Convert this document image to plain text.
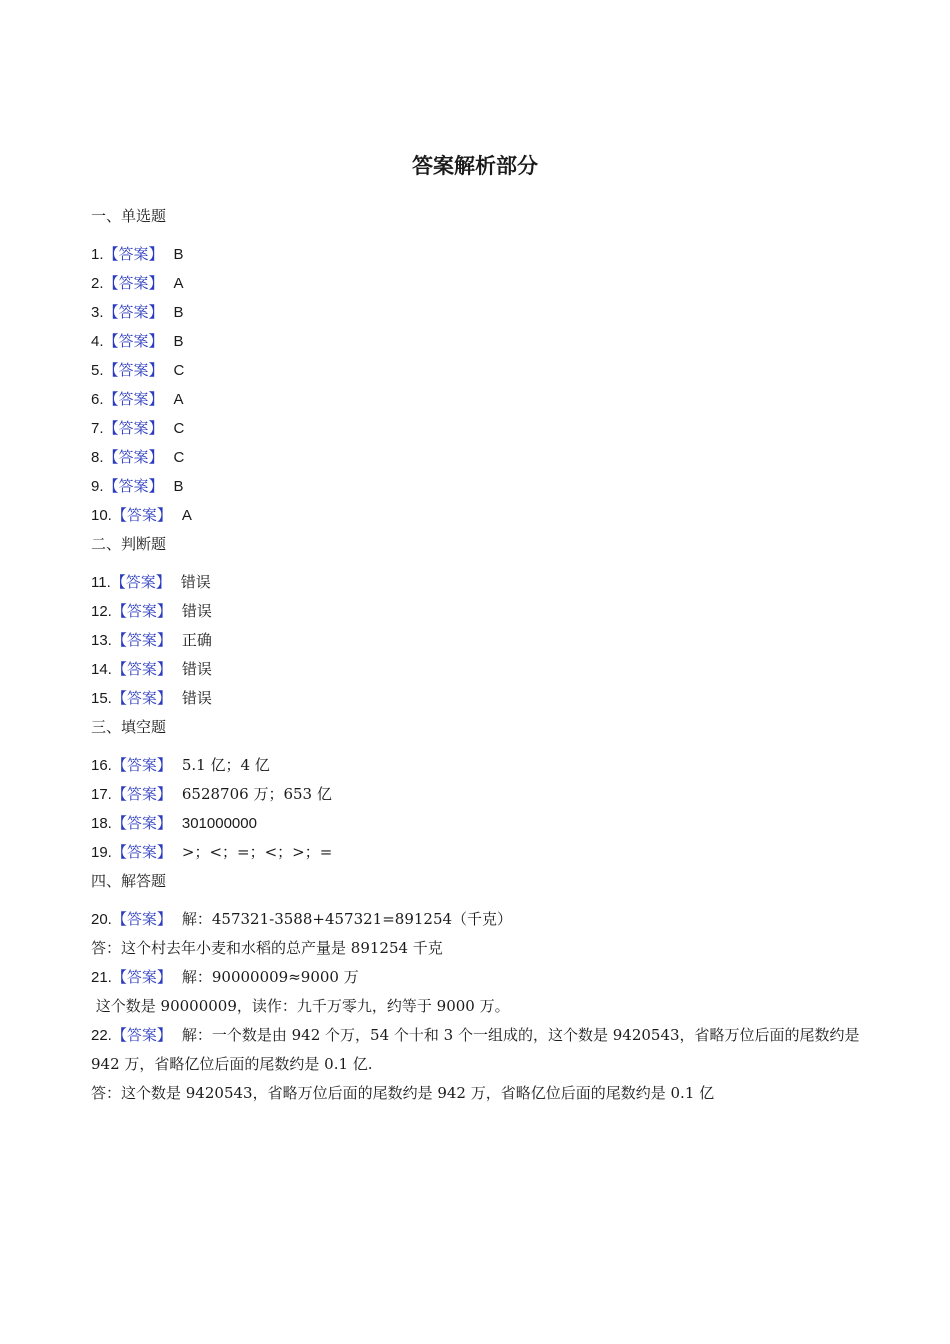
答案解析部分
一、单选题
1.【答案】 B
2.【答案】 A
3.【答案】 B
4.【答案】 B
5.【答案】 C
6.【答案】 A
7.【答案】 C
8.【答案】 C
9.【答案】 B
10.【答案】 A
二、判断题
11.【答案】 错误
12.【答案】 错误
13.【答案】 正确
14.【答案】 错误
15.【答案】 错误
三、填空题
16.【答案】 5.1 亿；4 亿
17.【答案】 6528706 万；653 亿
18.【答案】 301000000
19.【答案】 >；<；=；<；>；=
四、解答题
20.【答案】 解：457321-3588+457321=891254（千克）
答：这个村去年小麦和水稻的总产量是 891254 千克
21.【答案】 解：90000009≈9000 万
这个数是 90000009，读作：九千万零九，约等于 9000 万。
22.【答案】 解：一个数是由 942 个万，54 个十和 3 个一组成的，这个数是 9420543，省略万位后面的尾数约是 942 万，省略亿位后面的尾数约是 0.1 亿.
答：这个数是 9420543，省略万位后面的尾数约是 942 万，省略亿位后面的尾数约是 0.1 亿
